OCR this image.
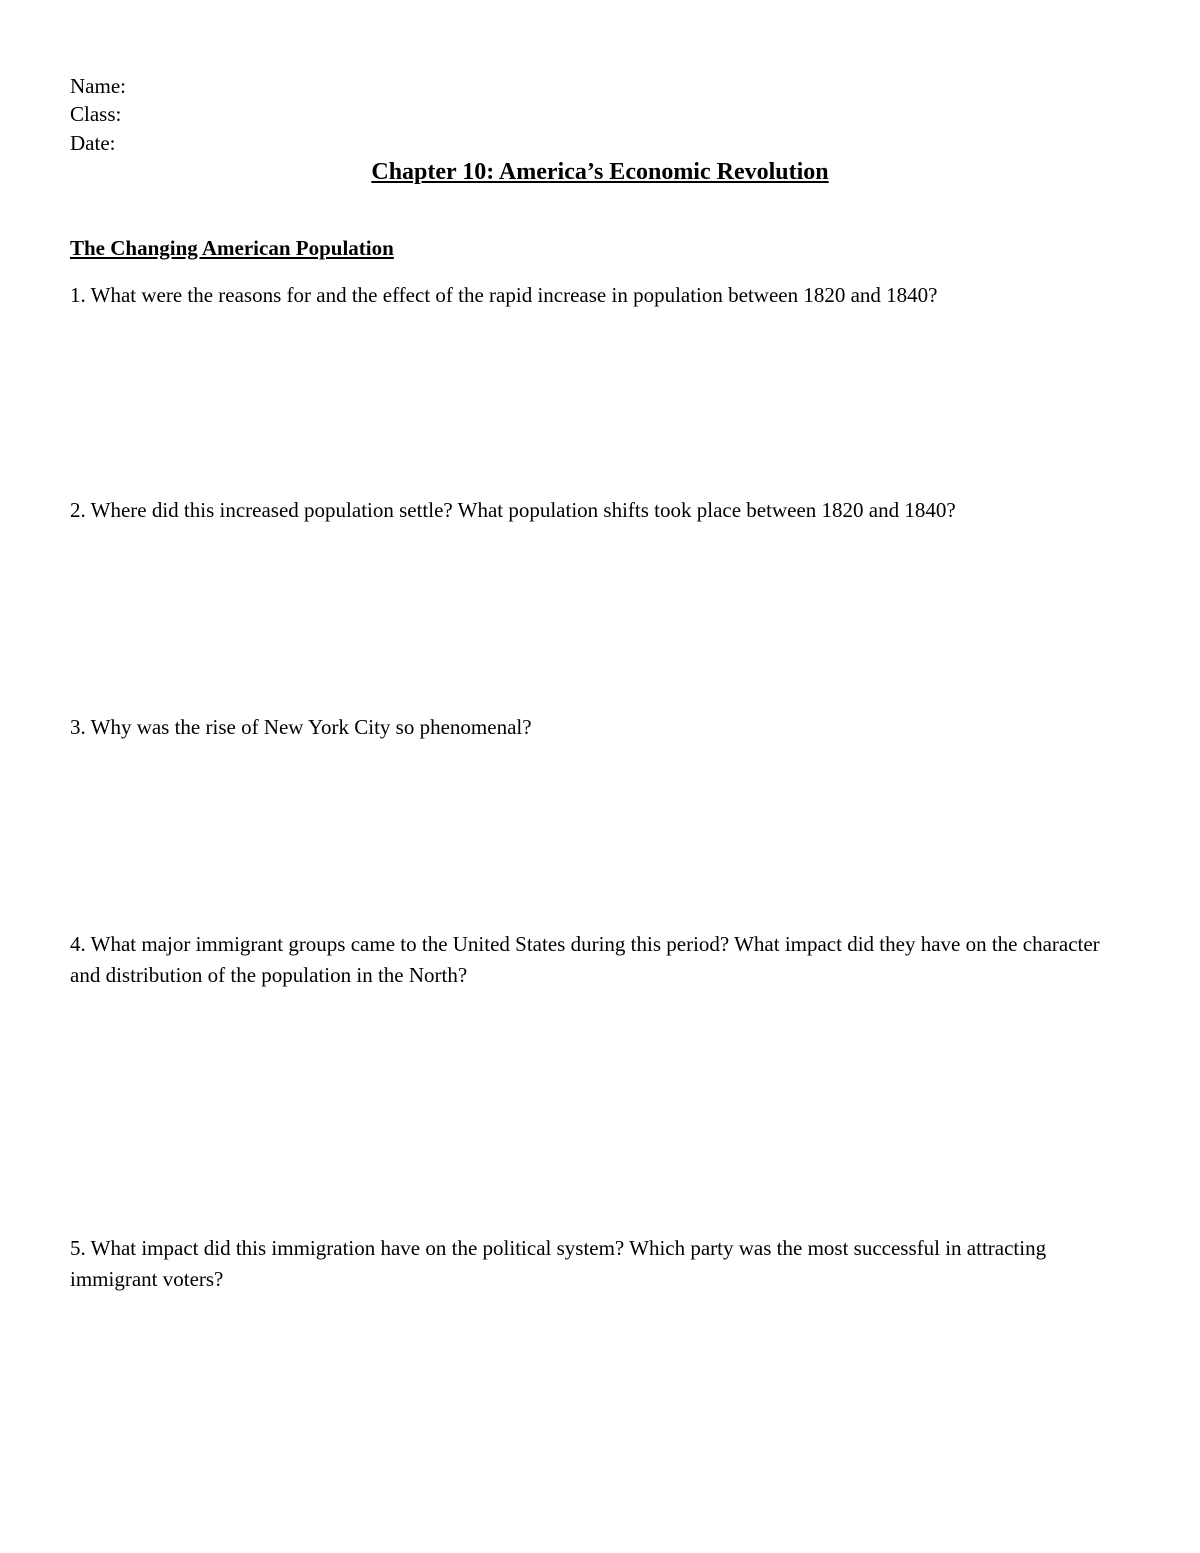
Name:
Class:
Date:
Chapter 10: America’s Economic Revolution
The Changing American Population
1. What were the reasons for and the effect of the rapid increase in population between 1820 and 1840?
2. Where did this increased population settle? What population shifts took place between 1820 and 1840?
3. Why was the rise of New York City so phenomenal?
4. What major immigrant groups came to the United States during this period? What impact did they have on the character and distribution of the population in the North?
5. What impact did this immigration have on the political system? Which party was the most successful in attracting immigrant voters?
